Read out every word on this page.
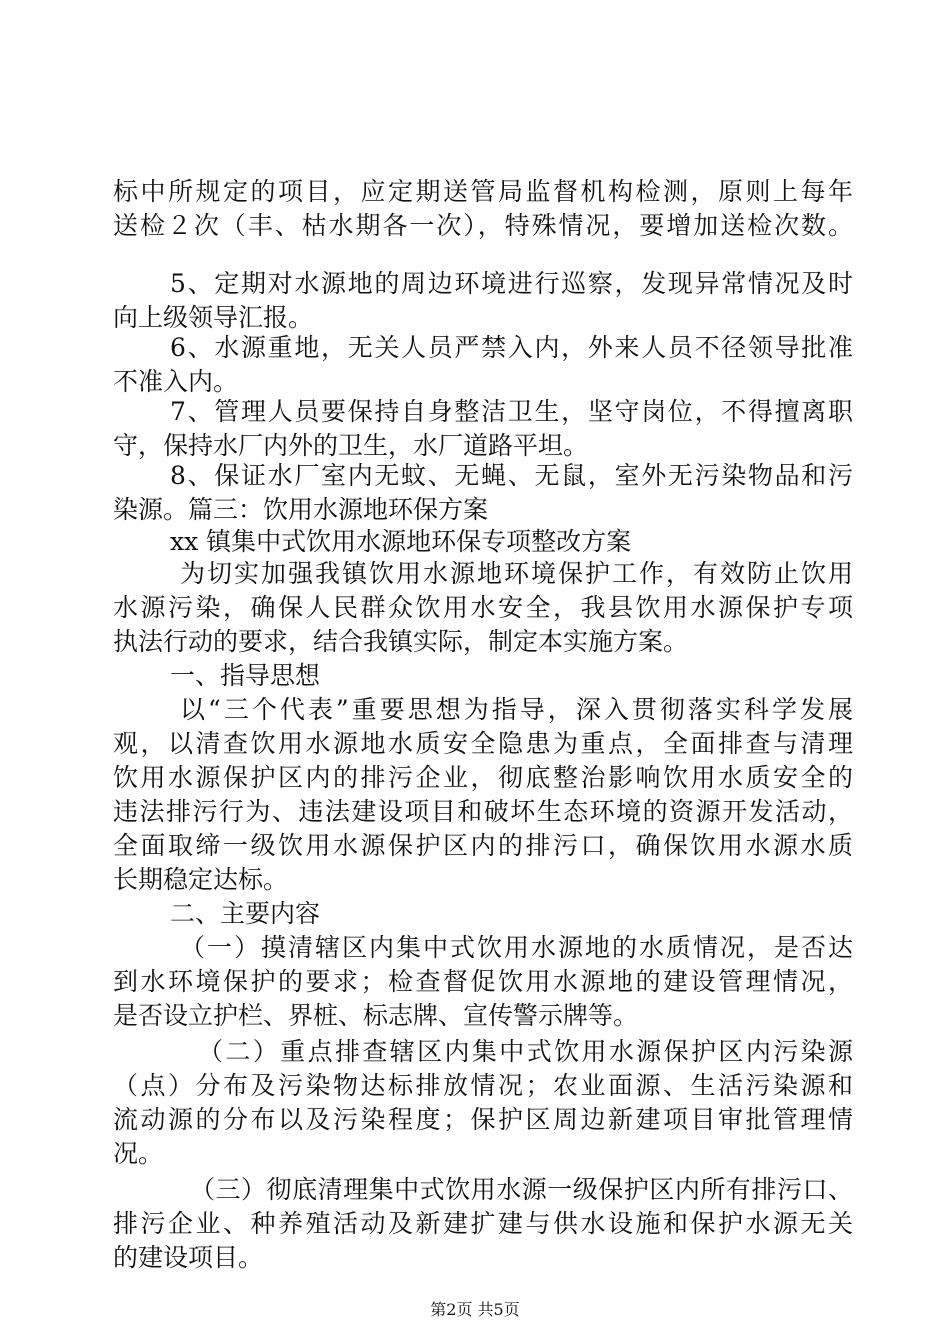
标中所规定的项目，应定期送管局监督机构检测，原则上每年
送检２次（丰、枯水期各一次），特殊情况，要增加送检次数。
5、定期对水源地的周边环境进行巡察，发现异常情况及时
向上级领导汇报。
6、水源重地，无关人员严禁入内，外来人员不径领导批准
不准入内。
7、管理人员要保持自身整洁卫生，坚守岗位，不得擅离职
守，保持水厂内外的卫生，水厂道路平坦。
8、保证水厂室内无蚊、无蝇、无鼠，室外无污染物品和污
染源。篇三：饮用水源地环保方案
xx 镇集中式饮用水源地环保专项整改方案
为切实加强我镇饮用水源地环境保护工作，有效防止饮用
水源污染，确保人民群众饮用水安全，我县饮用水源保护专项
执法行动的要求，结合我镇实际，制定本实施方案。
一、指导思想
以“三个代表”重要思想为指导，深入贯彻落实科学发展
观，以清查饮用水源地水质安全隐患为重点，全面排查与清理
饮用水源保护区内的排污企业，彻底整治影响饮用水质安全的
违法排污行为、违法建设项目和破坏生态环境的资源开发活动，
全面取缔一级饮用水源保护区内的排污口，确保饮用水源水质
长期稳定达标。
二、主要内容
（一）摸清辖区内集中式饮用水源地的水质情况，是否达
到水环境保护的要求；检查督促饮用水源地的建设管理情况，
是否设立护栏、界桩、标志牌、宣传警示牌等。
（二）重点排查辖区内集中式饮用水源保护区内污染源
（点）分布及污染物达标排放情况；农业面源、生活污染源和
流动源的分布以及污染程度；保护区周边新建项目审批管理情
况。
（三）彻底清理集中式饮用水源一级保护区内所有排污口、
排污企业、种养殖活动及新建扩建与供水设施和保护水源无关
的建设项目。
第2页 共5页
